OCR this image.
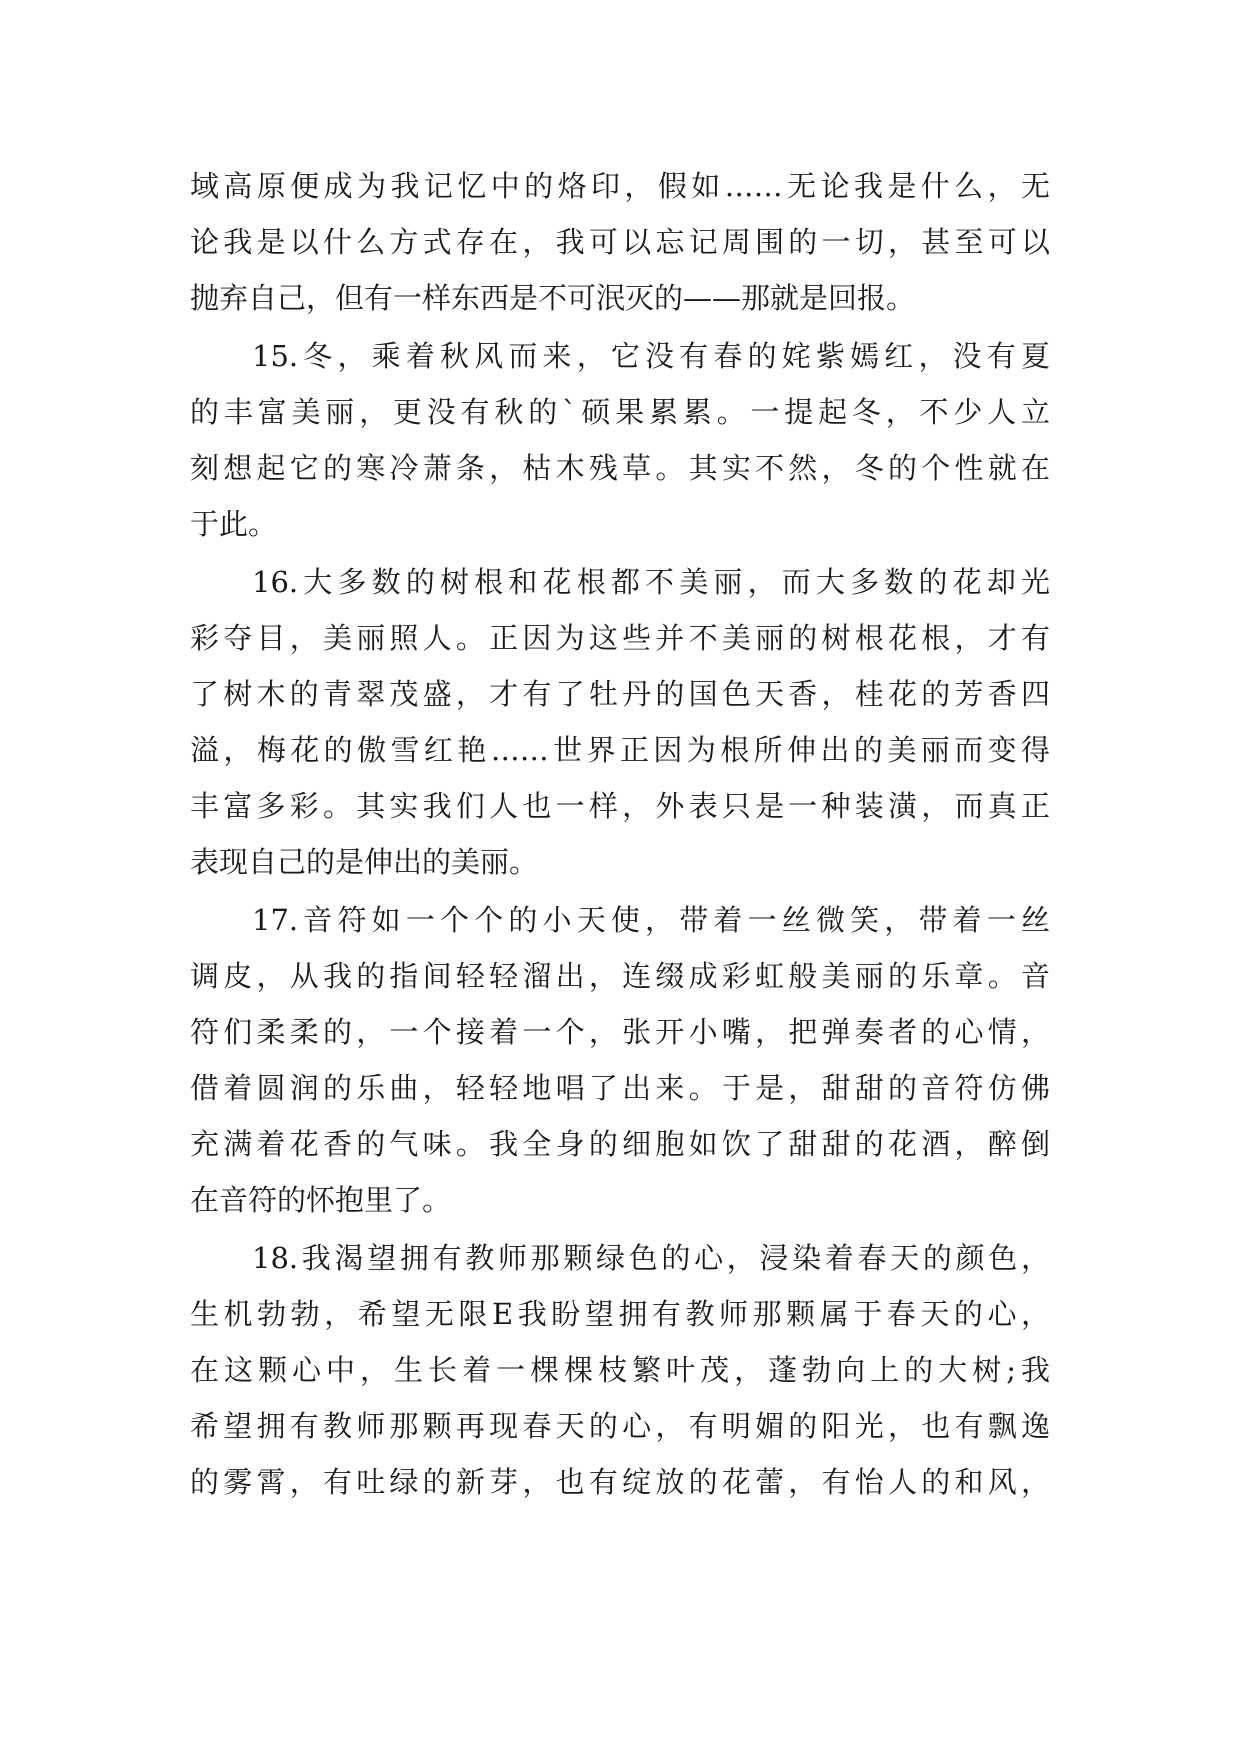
域高原便成为我记忆中的烙印，假如……无论我是什么，无
论我是以什么方式存在，我可以忘记周围的一切，甚至可以
抛弃自己，但有一样东西是不可泯灭的——那就是回报。
15.冬，乘着秋风而来，它没有春的姹紫嫣红，没有夏
的丰富美丽，更没有秋的`硕果累累。一提起冬，不少人立
刻想起它的寒冷萧条，枯木残草。其实不然，冬的个性就在
于此。
16.大多数的树根和花根都不美丽，而大多数的花却光
彩夺目，美丽照人。正因为这些并不美丽的树根花根，才有
了树木的青翠茂盛，才有了牡丹的国色天香，桂花的芳香四
溢，梅花的傲雪红艳……世界正因为根所伸出的美丽而变得
丰富多彩。其实我们人也一样，外表只是一种装潢，而真正
表现自己的是伸出的美丽。
17.音符如一个个的小天使，带着一丝微笑，带着一丝
调皮，从我的指间轻轻溜出，连缀成彩虹般美丽的乐章。音
符们柔柔的，一个接着一个，张开小嘴，把弹奏者的心情，
借着圆润的乐曲，轻轻地唱了出来。于是，甜甜的音符仿佛
充满着花香的气味。我全身的细胞如饮了甜甜的花酒，醉倒
在音符的怀抱里了。
18.我渴望拥有教师那颗绿色的心，浸染着春天的颜色，
生机勃勃，希望无限E我盼望拥有教师那颗属于春天的心，
在这颗心中，生长着一棵棵枝繁叶茂，蓬勃向上的大树;我
希望拥有教师那颗再现春天的心，有明媚的阳光，也有飘逸
的雾霄，有吐绿的新芽，也有绽放的花蕾，有怡人的和风，
